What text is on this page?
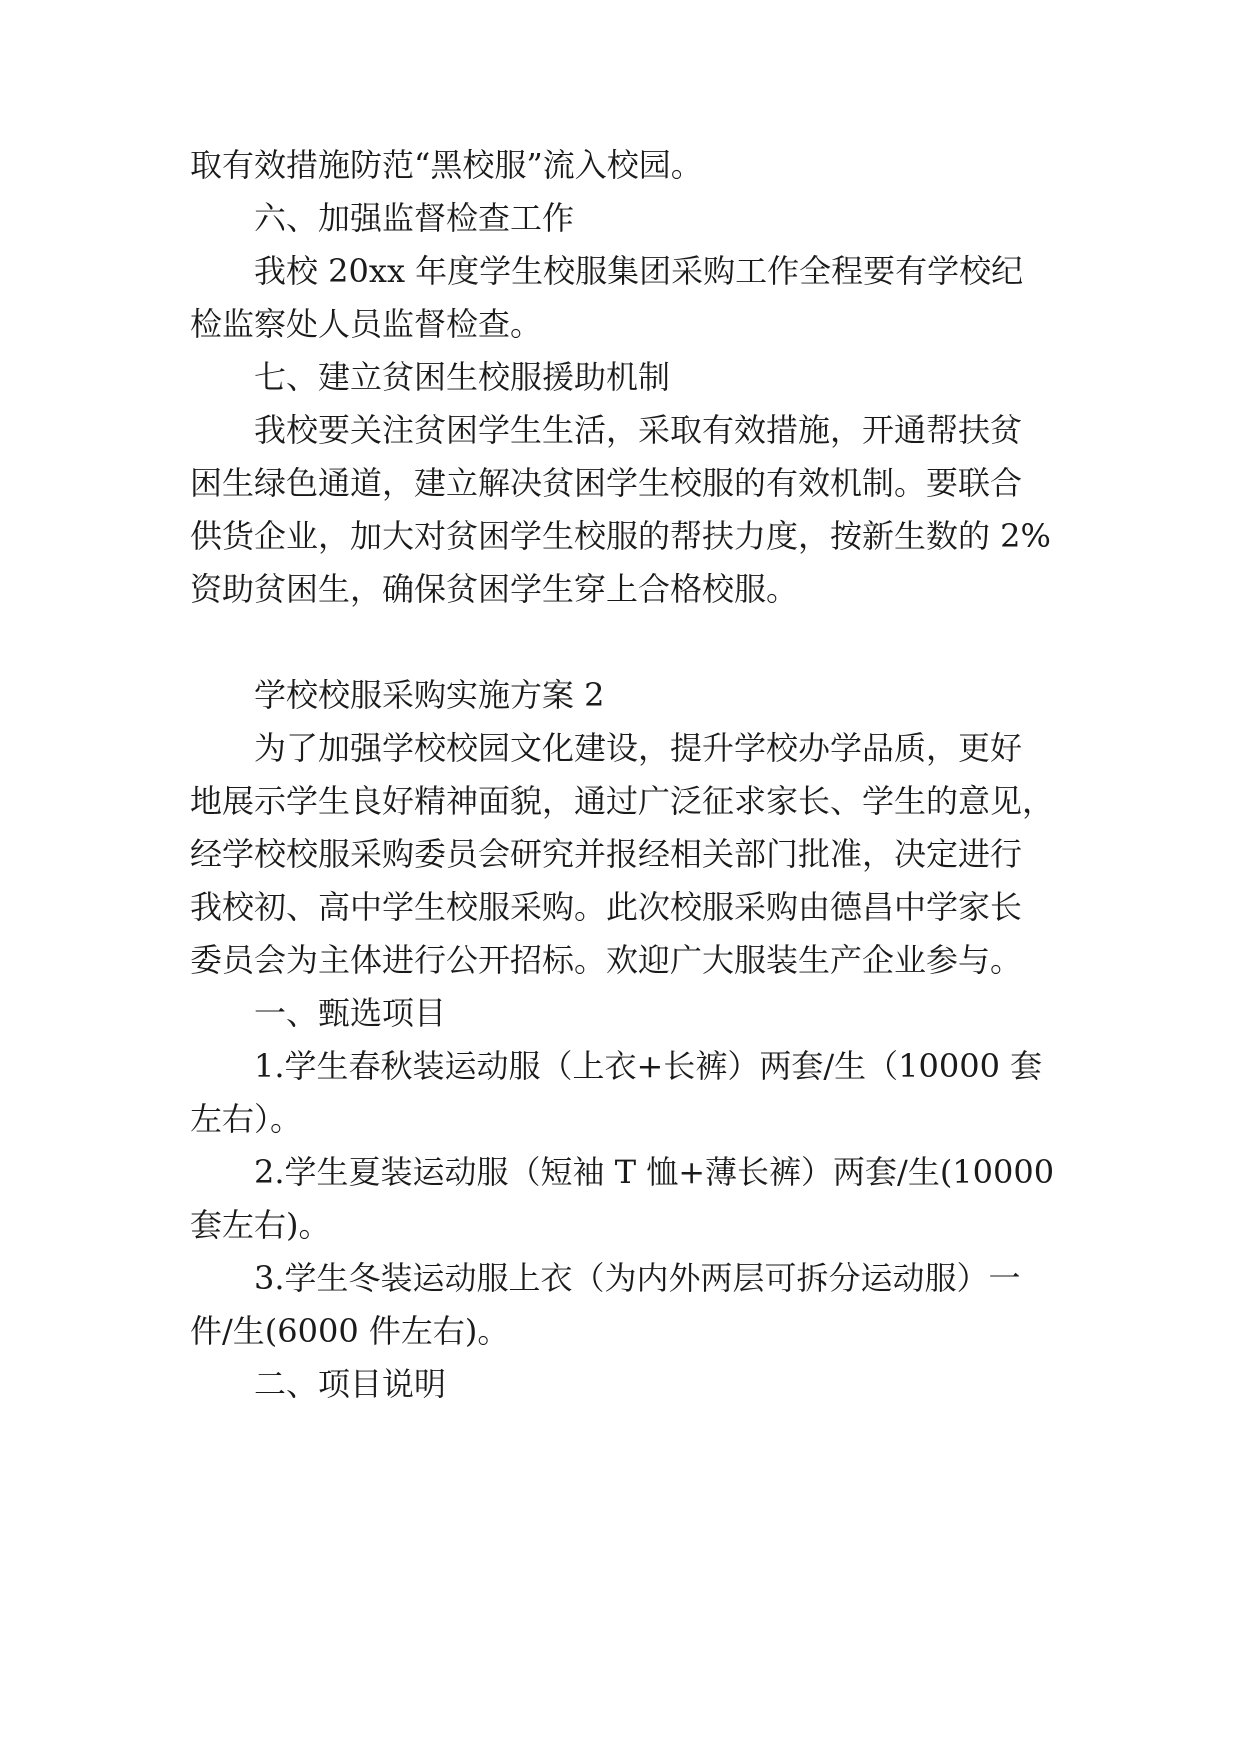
取有效措施防范“黑校服”流入校园。
六、加强监督检查工作
我校 20xx 年度学生校服集团采购工作全程要有学校纪
检监察处人员监督检查。
七、建立贫困生校服援助机制
我校要关注贫困学生生活，采取有效措施，开通帮扶贫
困生绿色通道，建立解决贫困学生校服的有效机制。要联合
供货企业，加大对贫困学生校服的帮扶力度，按新生数的 2%
资助贫困生，确保贫困学生穿上合格校服。
学校校服采购实施方案 2
为了加强学校校园文化建设，提升学校办学品质，更好
地展示学生良好精神面貌，通过广泛征求家长、学生的意见，
经学校校服采购委员会研究并报经相关部门批准，决定进行
我校初、高中学生校服采购。此次校服采购由德昌中学家长
委员会为主体进行公开招标。欢迎广大服装生产企业参与。
一、甄选项目
1.学生春秋装运动服（上衣+长裤）两套/生（10000 套
左右）。
2.学生夏装运动服（短袖 T 恤+薄长裤）两套/生(10000
套左右)。
3.学生冬装运动服上衣（为内外两层可拆分运动服）一
件/生(6000 件左右)。
二、项目说明
